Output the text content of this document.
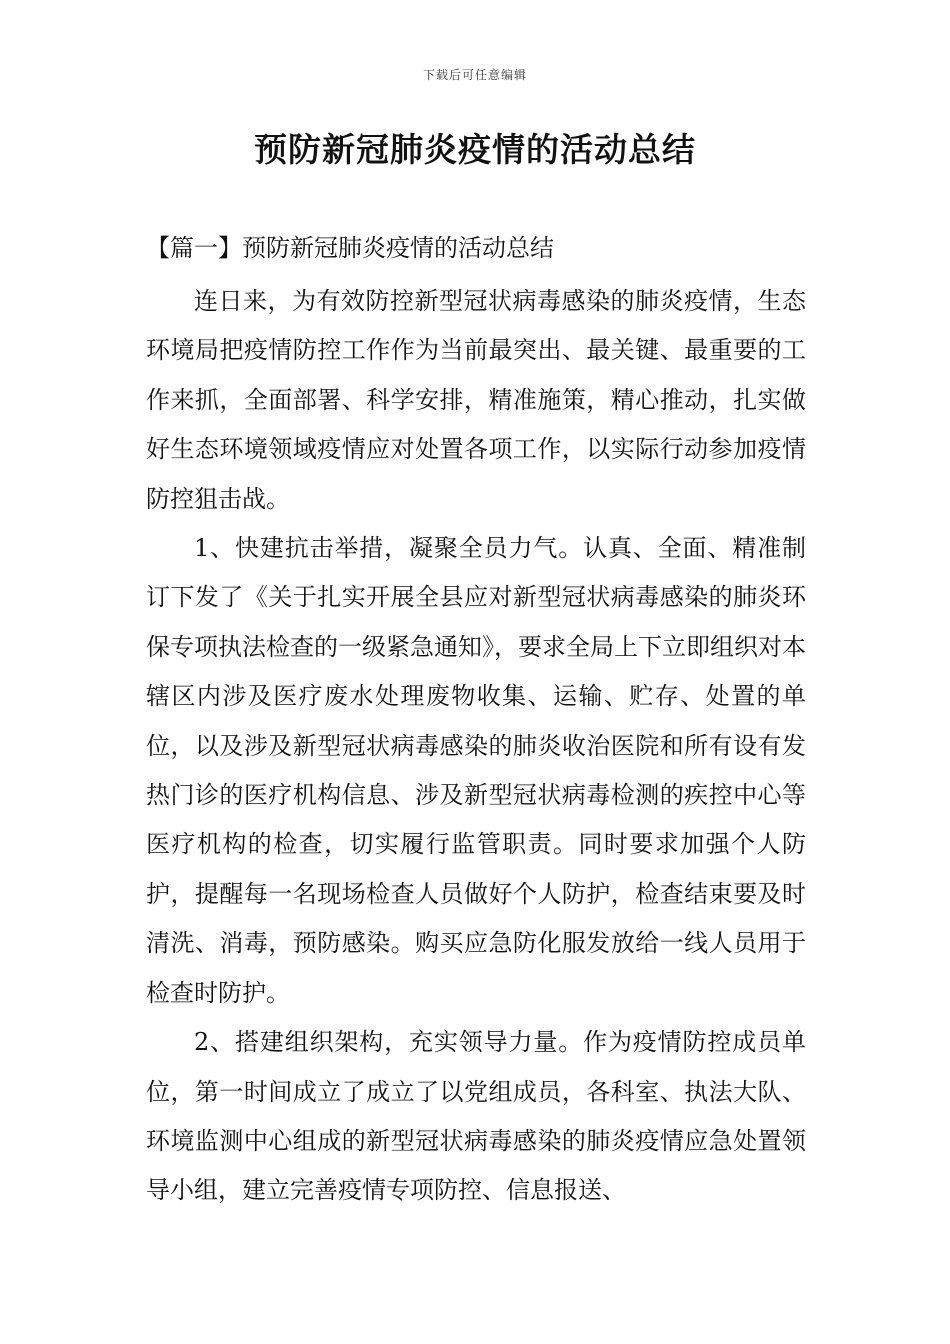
下载后可任意编辑
预防新冠肺炎疫情的活动总结
【篇一】预防新冠肺炎疫情的活动总结

连日来，为有效防控新型冠状病毒感染的肺炎疫情，生态环境局把疫情防控工作作为当前最突出、最关键、最重要的工作来抓，全面部署、科学安排，精准施策，精心推动，扎实做好生态环境领域疫情应对处置各项工作，以实际行动参加疫情防控狙击战。

1、快建抗击举措，凝聚全员力气。认真、全面、精准制订下发了《关于扎实开展全县应对新型冠状病毒感染的肺炎环保专项执法检查的一级紧急通知》，要求全局上下立即组织对本辖区内涉及医疗废水处理废物收集、运输、贮存、处置的单位，以及涉及新型冠状病毒感染的肺炎收治医院和所有设有发热门诊的医疗机构信息、涉及新型冠状病毒检测的疾控中心等医疗机构的检查，切实履行监管职责。同时要求加强个人防护，提醒每一名现场检查人员做好个人防护，检查结束要及时清洗、消毒，预防感染。购买应急防化服发放给一线人员用于检查时防护。

2、搭建组织架构，充实领导力量。作为疫情防控成员单位，第一时间成立了成立了以党组成员，各科室、执法大队、环境监测中心组成的新型冠状病毒感染的肺炎疫情应急处置领导小组，建立完善疫情专项防控、信息报送、
